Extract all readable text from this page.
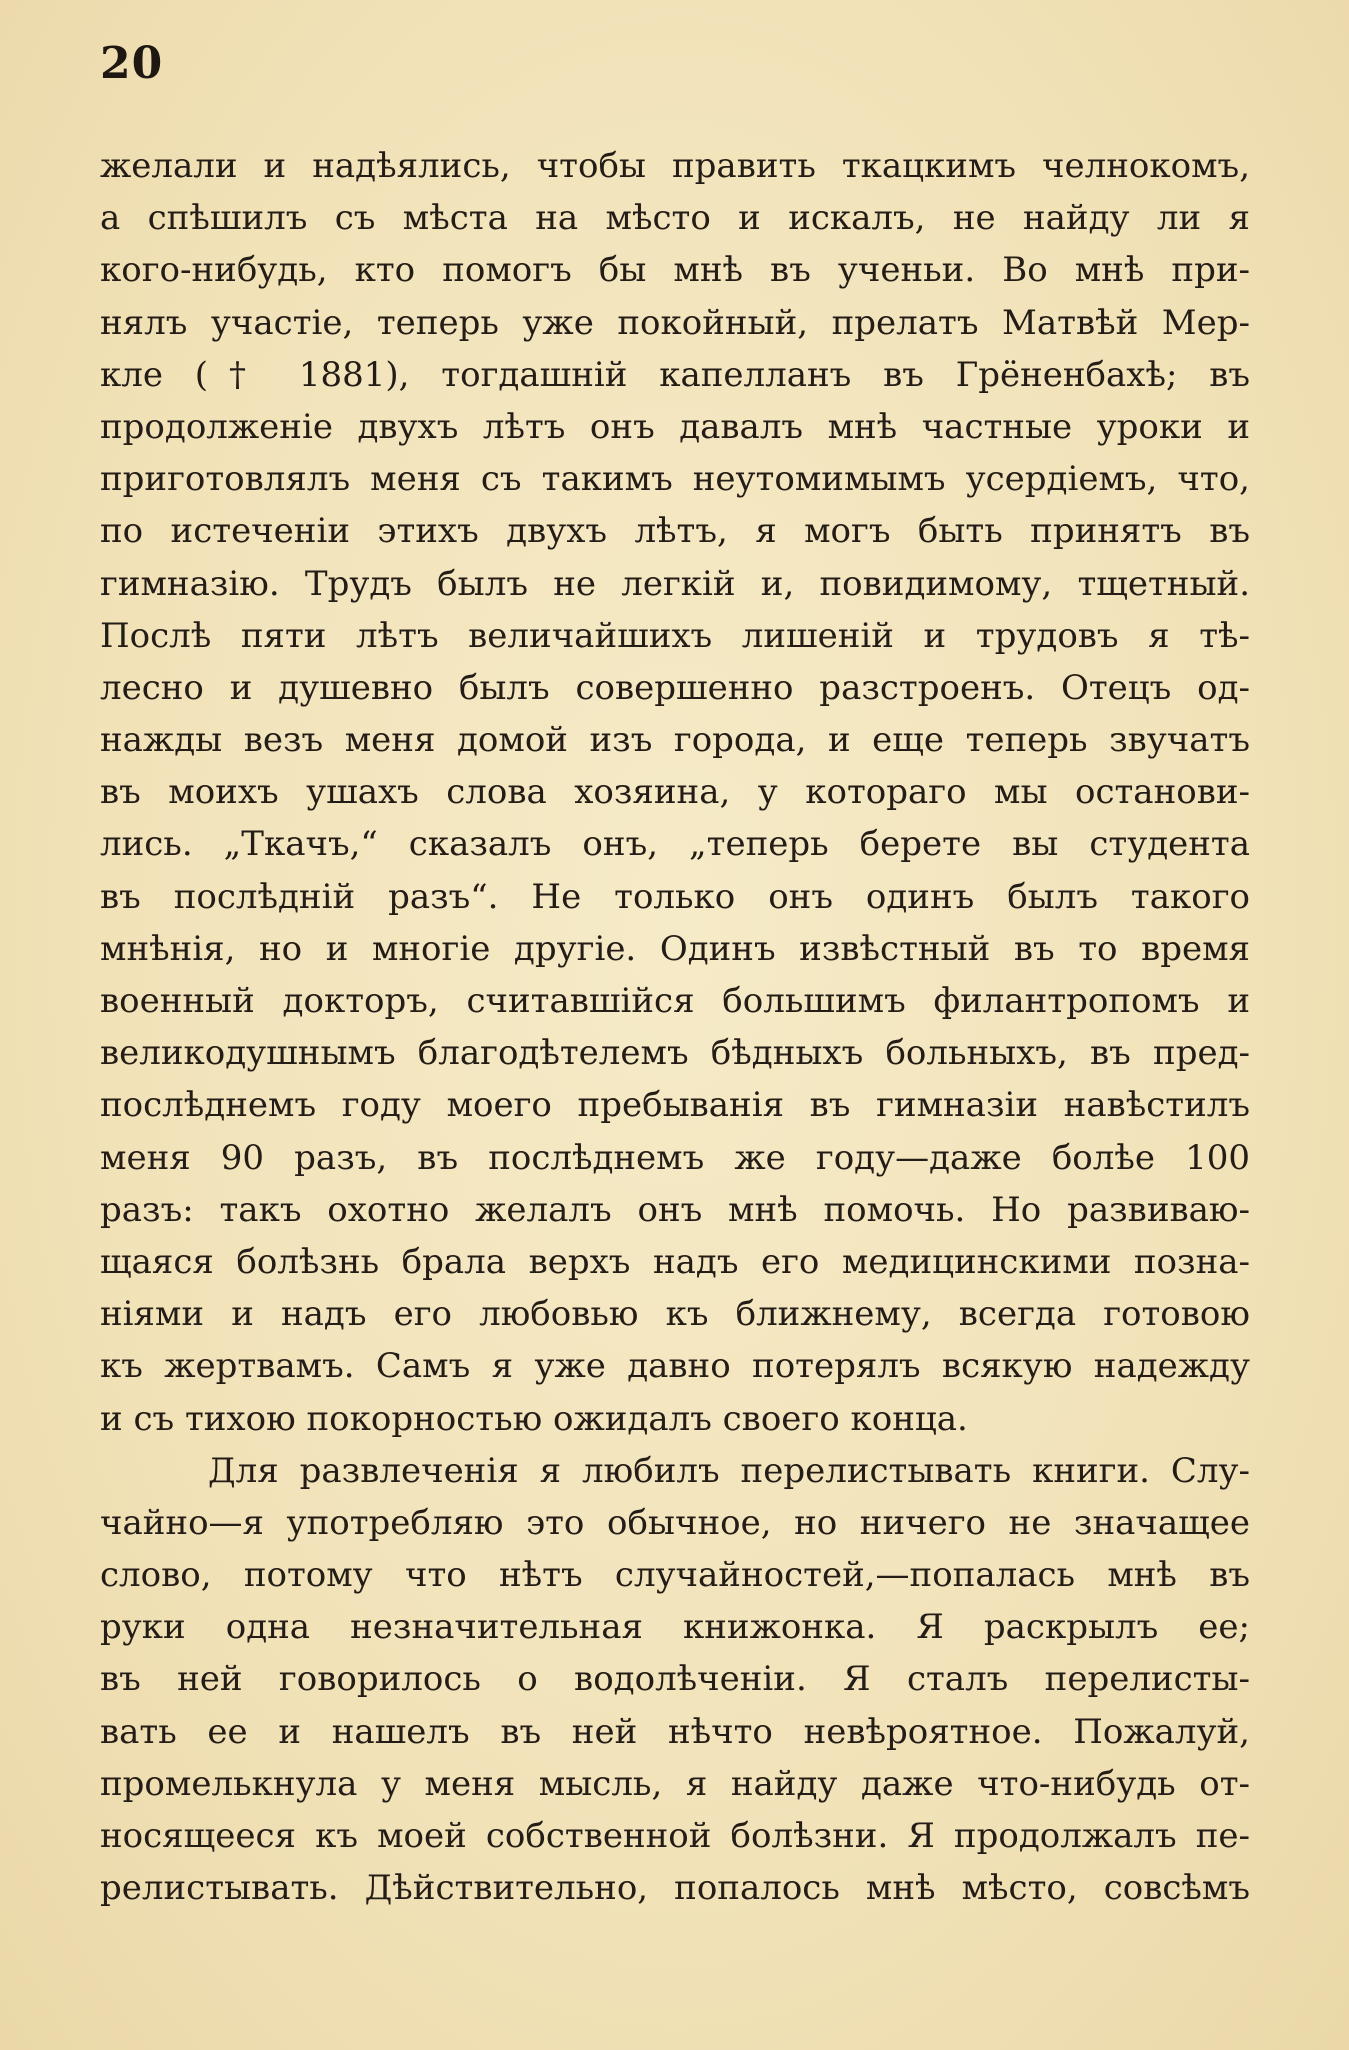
20
желали и надѣялись, чтобы править ткацкимъ челнокомъ,
а спѣшилъ съ мѣста на мѣсто и искалъ, не найду ли я
кого-нибудь, кто помогъ бы мнѣ въ ученьи. Во мнѣ при-
нялъ участіе, теперь уже покойный, прелатъ Матвѣй Мер-
кле († 1881), тогдашній капелланъ въ Грёненбахѣ; въ
продолженіе двухъ лѣтъ онъ давалъ мнѣ частные уроки и
приготовлялъ меня съ такимъ неутомимымъ усердіемъ, что,
по истеченіи этихъ двухъ лѣтъ, я могъ быть принятъ въ
гимназію. Трудъ былъ не легкій и, повидимому, тщетный.
Послѣ пяти лѣтъ величайшихъ лишеній и трудовъ я тѣ-
лесно и душевно былъ совершенно разстроенъ. Отецъ од-
нажды везъ меня домой изъ города, и еще теперь звучатъ
въ моихъ ушахъ слова хозяина, у котораго мы останови-
лись. „Ткачъ,“ сказалъ онъ, „теперь берете вы студента
въ послѣдній разъ“. Не только онъ одинъ былъ такого
мнѣнія, но и многіе другіе. Одинъ извѣстный въ то время
военный докторъ, считавшійся большимъ филантропомъ и
великодушнымъ благодѣтелемъ бѣдныхъ больныхъ, въ пред-
послѣднемъ году моего пребыванія въ гимназіи навѣстилъ
меня 90 разъ, въ послѣднемъ же году—даже болѣе 100
разъ: такъ охотно желалъ онъ мнѣ помочь. Но развиваю-
щаяся болѣзнь брала верхъ надъ его медицинскими позна-
ніями и надъ его любовью къ ближнему, всегда готовою
къ жертвамъ. Самъ я уже давно потерялъ всякую надежду
и съ тихою покорностью ожидалъ своего конца.
Для развлеченія я любилъ перелистывать книги. Слу-
чайно—я употребляю это обычное, но ничего не значащее
слово, потому что нѣтъ случайностей,—попалась мнѣ въ
руки одна незначительная книжонка. Я раскрылъ ее;
въ ней говорилось о водолѣченіи. Я сталъ перелисты-
вать ее и нашелъ въ ней нѣчто невѣроятное. Пожалуй,
промелькнула у меня мысль, я найду даже что-нибудь от-
носящееся къ моей собственной болѣзни. Я продолжалъ пе-
релистывать. Дѣйствительно, попалось мнѣ мѣсто, совсѣмъ
